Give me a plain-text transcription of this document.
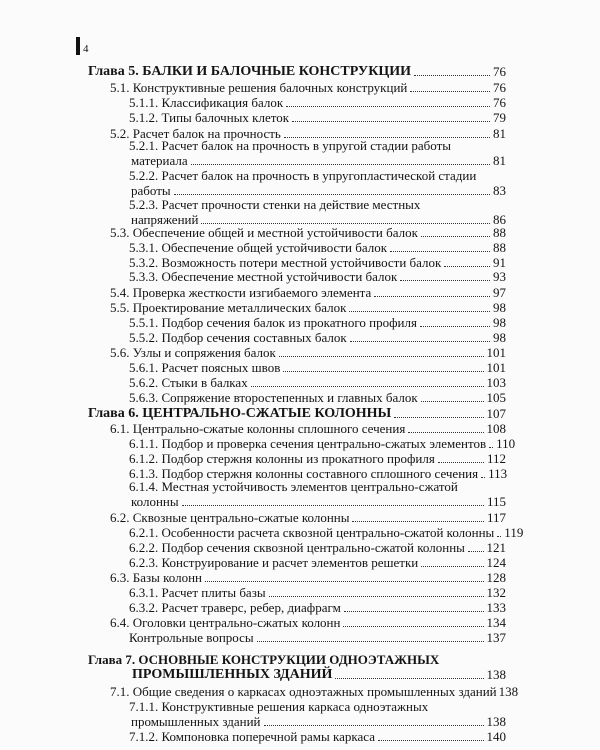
4
Глава 5. БАЛКИ И БАЛОЧНЫЕ КОНСТРУКЦИИ	76
5.1. Конструктивные решения балочных конструкций	76
5.1.1. Классификация балок	76
5.1.2. Типы балочных клеток	79
5.2. Расчет балок на прочность	81
5.2.1. Расчет балок на прочность в упругой стадии работы
материала	81
5.2.2. Расчет балок на прочность в упругопластической стадии
работы	83
5.2.3. Расчет прочности стенки на действие местных
напряжений	86
5.3. Обеспечение общей и местной устойчивости балок	88
5.3.1. Обеспечение общей устойчивости балок	88
5.3.2. Возможность потери местной устойчивости балок	91
5.3.3. Обеспечение местной устойчивости балок	93
5.4. Проверка жесткости изгибаемого элемента	97
5.5. Проектирование металлических балок	98
5.5.1. Подбор сечения балок из прокатного профиля	98
5.5.2. Подбор сечения составных балок	98
5.6. Узлы и сопряжения балок	101
5.6.1. Расчет поясных швов	101
5.6.2. Стыки в балках	103
5.6.3. Сопряжение второстепенных и главных балок	105
Глава 6. ЦЕНТРАЛЬНО-СЖАТЫЕ КОЛОННЫ	107
6.1. Центрально-сжатые колонны сплошного сечения	108
6.1.1. Подбор и проверка сечения центрально-сжатых элементов 110
6.1.2. Подбор стержня колонны из прокатного профиля	112
6.1.3. Подбор стержня колонны составного сплошного сечения 113
6.1.4. Местная устойчивость элементов центрально-сжатой
колонны	115
6.2. Сквозные центрально-сжатые колонны	117
6.2.1. Особенности расчета сквозной центрально-сжатой колонны 119
6.2.2. Подбор сечения сквозной центрально-сжатой колонны 121
6.2.3. Конструирование и расчет элементов решетки	124
6.3. Базы колонн	128
6.3.1. Расчет плиты базы	132
6.3.2. Расчет траверс, ребер, диафрагм	133
6.4. Оголовки центрально-сжатых колонн	134
Контрольные вопросы	137
Глава 7. ОСНОВНЫЕ КОНСТРУКЦИИ ОДНОЭТАЖНЫХ
ПРОМЫШЛЕННЫХ ЗДАНИЙ	138
7.1. Общие сведения о каркасах одноэтажных промышленных зданий 138
7.1.1. Конструктивные решения каркаса одноэтажных
промышленных зданий	138
7.1.2. Компоновка поперечной рамы каркаса	140
